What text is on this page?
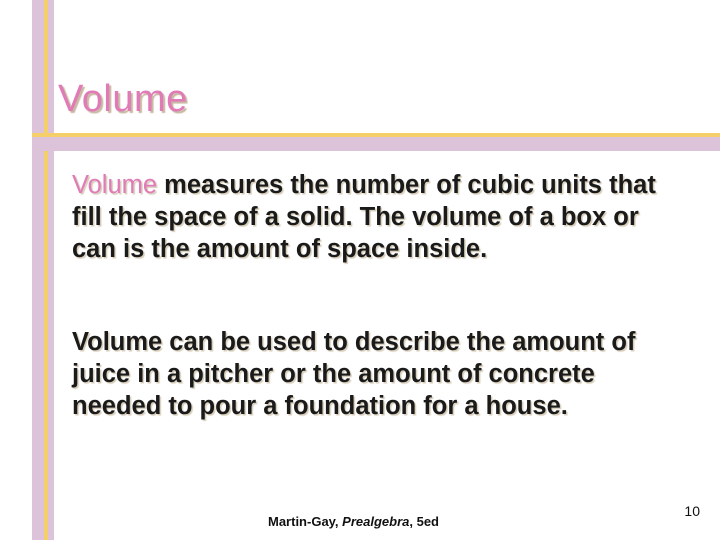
Volume
Volume measures the number of cubic units that fill the space of a solid. The volume of a box or can is the amount of space inside.
Volume can be used to describe the amount of juice in a pitcher or the amount of concrete needed to pour a foundation for a house.
Martin-Gay, Prealgebra, 5ed
10
